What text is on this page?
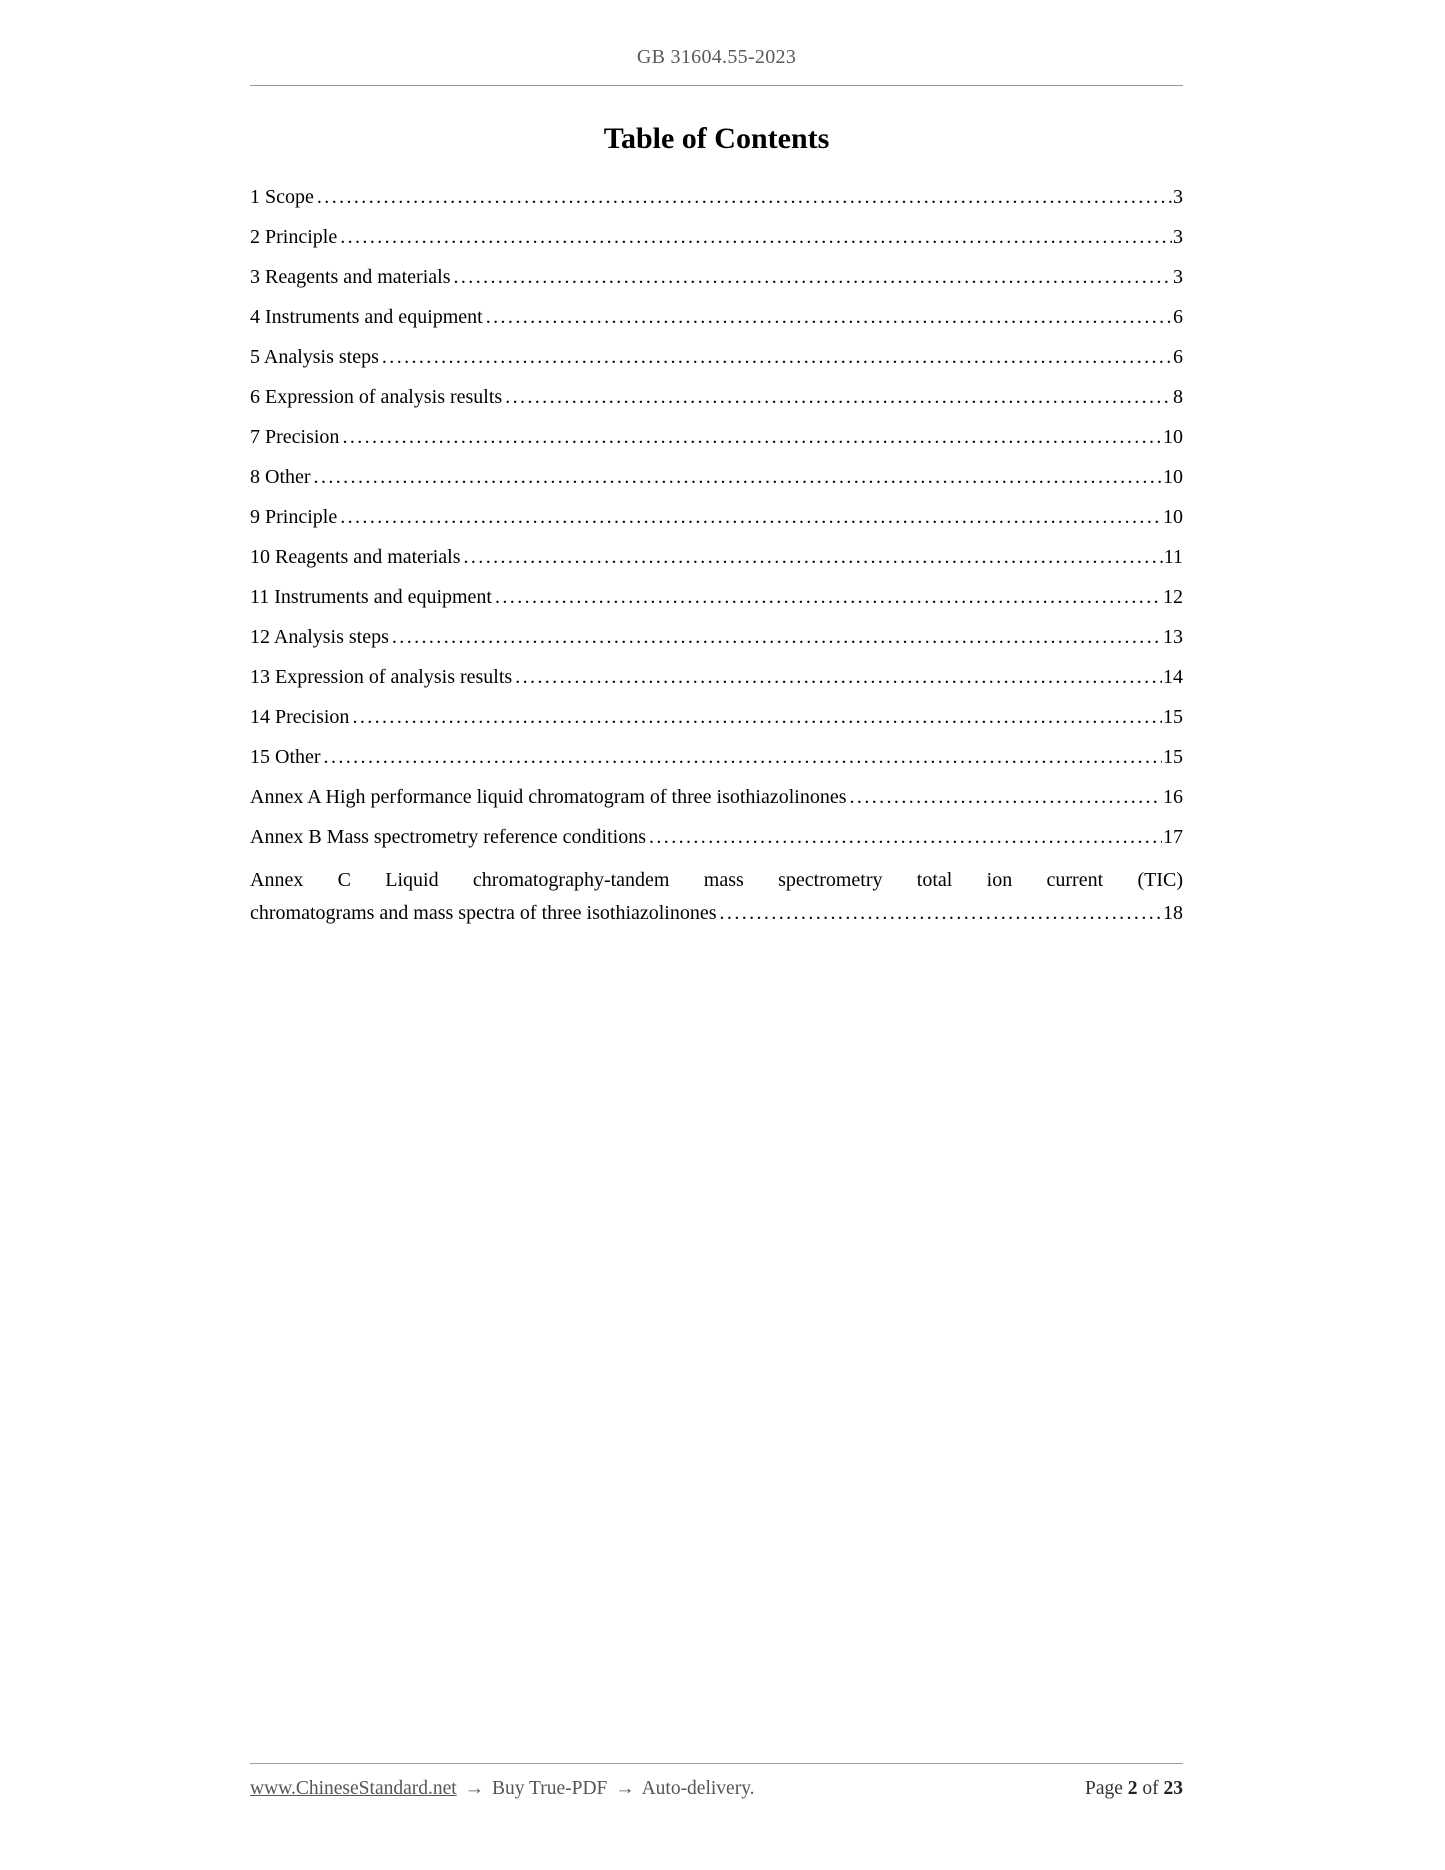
GB 31604.55-2023
Table of Contents
1 Scope .....	3
2 Principle .....	3
3 Reagents and materials .....	3
4 Instruments and equipment .....	6
5 Analysis steps .....	6
6 Expression of analysis results .....	8
7 Precision .....	10
8 Other .....	10
9 Principle .....	10
10 Reagents and materials .....	11
11 Instruments and equipment .....	12
12 Analysis steps .....	13
13 Expression of analysis results .....	14
14 Precision .....	15
15 Other .....	15
Annex A High performance liquid chromatogram of three isothiazolinones .....	16
Annex B Mass spectrometry reference conditions .....	17
Annex C Liquid chromatography-tandem mass spectrometry total ion current (TIC)
chromatograms and mass spectra of three isothiazolinones .....	18
www.ChineseStandard.net → Buy True-PDF → Auto-delivery.	Page 2 of 23
